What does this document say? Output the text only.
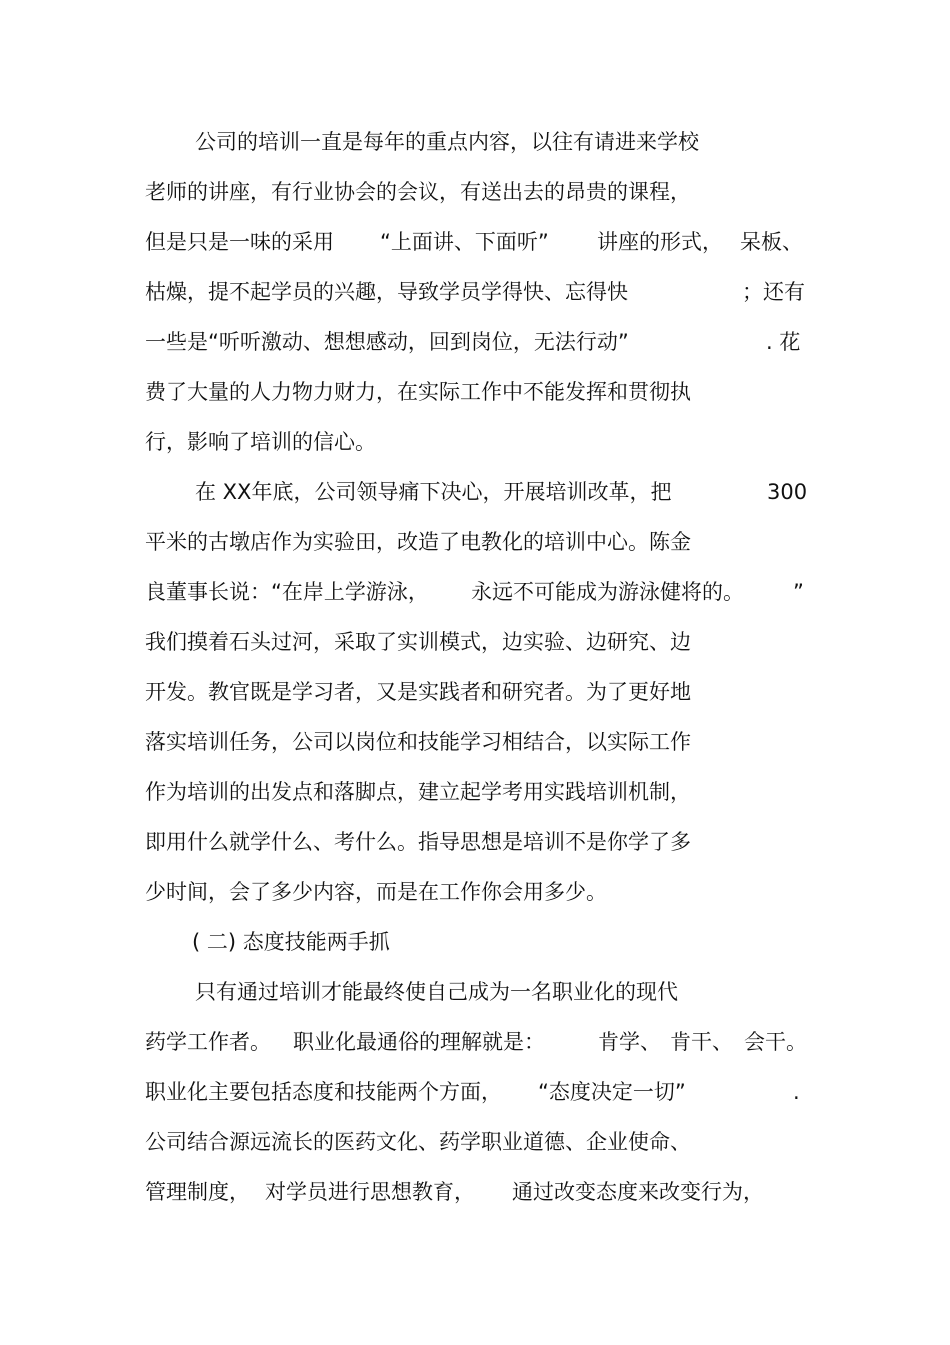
公司的培训一直是每年的重点内容，以往有请进来学校
老师的讲座，有行业协会的会议，有送出去的昂贵的课程，
但是只是一味的采用 “上面讲、下面听” 讲座的形式， 呆板、
枯燥，提不起学员的兴趣，导致学员学得快、忘得快	；还有
一些是“听听激动、想想感动，回到岗位，无法行动”	. 花
费了大量的人力物力财力，在实际工作中不能发挥和贯彻执
行，影响了培训的信心。
在 XX年底，公司领导痛下决心，开展培训改革，把	300
平米的古墩店作为实验田，改造了电教化的培训中心。陈金
良董事长说：“在岸上学游泳， 永远不可能成为游泳健将的。 ”
我们摸着石头过河，采取了实训模式，边实验、边研究、边
开发。教官既是学习者，又是实践者和研究者。为了更好地
落实培训任务，公司以岗位和技能学习相结合，以实际工作
作为培训的出发点和落脚点，建立起学考用实践培训机制，
即用什么就学什么、考什么。指导思想是培训不是你学了多
少时间，会了多少内容，而是在工作你会用多少。
( 二) 态度技能两手抓
只有通过培训才能最终使自己成为一名职业化的现代
药学工作者。 职业化最通俗的理解就是：	肯学、 肯干、 会干。
职业化主要包括态度和技能两个方面， “态度决定一切”	.
公司结合源远流长的医药文化、药学职业道德、企业使命、
管理制度， 对学员进行思想教育， 通过改变态度来改变行为，
